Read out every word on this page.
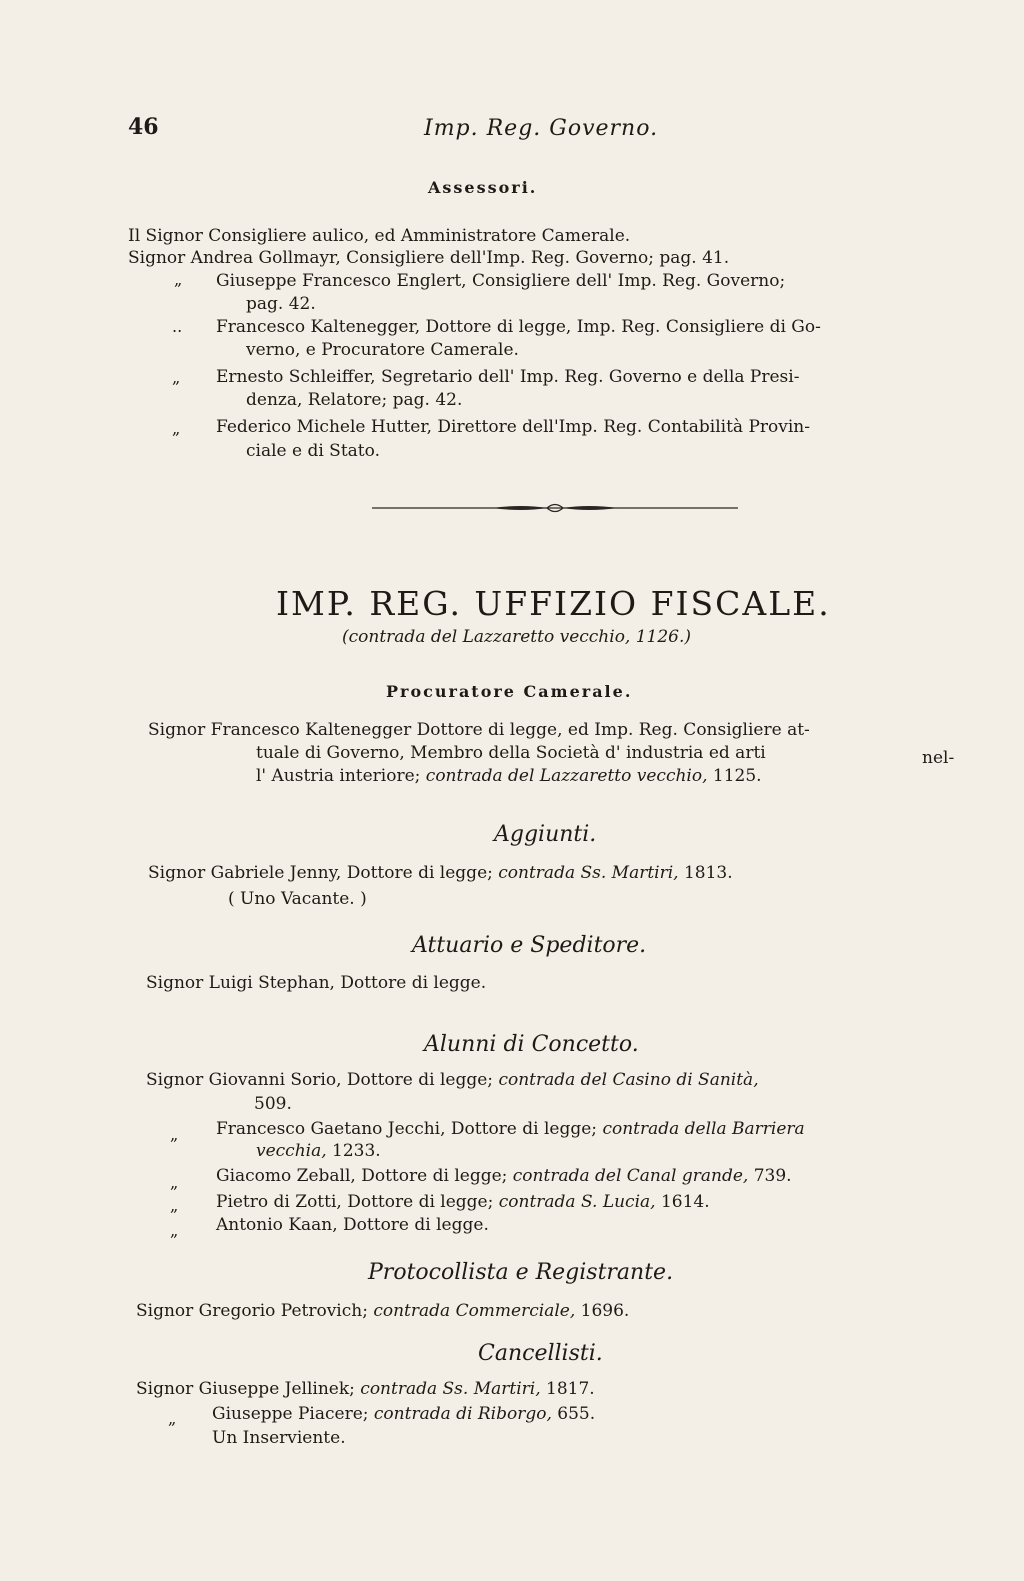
46	Imp. Reg. Governo.
Assessori.
Il Signor Consigliere aulico, ed Amministratore Camerale.
Signor Andrea Gollmayr, Consigliere dell'Imp. Reg. Governo; pag. 41.
„ Giuseppe Francesco Englert, Consigliere dell' Imp. Reg. Governo;
pag. 42.
.. Francesco Kaltenegger, Dottore di legge, Imp. Reg. Consigliere di Go-
verno, e Procuratore Camerale.
„ Ernesto Schleiffer, Segretario dell' Imp. Reg. Governo e della Presi-
denza, Relatore; pag. 42.
„ Federico Michele Hutter, Direttore dell'Imp. Reg. Contabilità Provin-
ciale e di Stato.
IMP. REG. UFFIZIO FISCALE.
(contrada del Lazzaretto vecchio, 1126.)
Procuratore Camerale.
Signor Francesco Kaltenegger Dottore di legge, ed Imp. Reg. Consigliere at-
tuale di Governo, Membro della Società d' industria ed arti	nel-
l' Austria interiore; contrada del Lazzaretto vecchio, 1125.
Aggiunti.
Signor Gabriele Jenny, Dottore di legge; contrada Ss. Martiri, 1813.
( Uno Vacante. )
Attuario e Speditore.
Signor Luigi Stephan, Dottore di legge.
Alunni di Concetto.
Signor Giovanni Sorio, Dottore di legge; contrada del Casino di Sanità,
509.
„ Francesco Gaetano Jecchi, Dottore di legge; contrada della Barriera
vecchia, 1233.
„ Giacomo Zeball, Dottore di legge; contrada del Canal grande, 739.
„ Pietro di Zotti, Dottore di legge; contrada S. Lucia, 1614.
„ Antonio Kaan, Dottore di legge.
Protocollista e Registrante.
Signor Gregorio Petrovich; contrada Commerciale, 1696.
Cancellisti.
Signor Giuseppe Jellinek; contrada Ss. Martiri, 1817.
„ Giuseppe Piacere; contrada di Riborgo, 655.
Un Inserviente.
